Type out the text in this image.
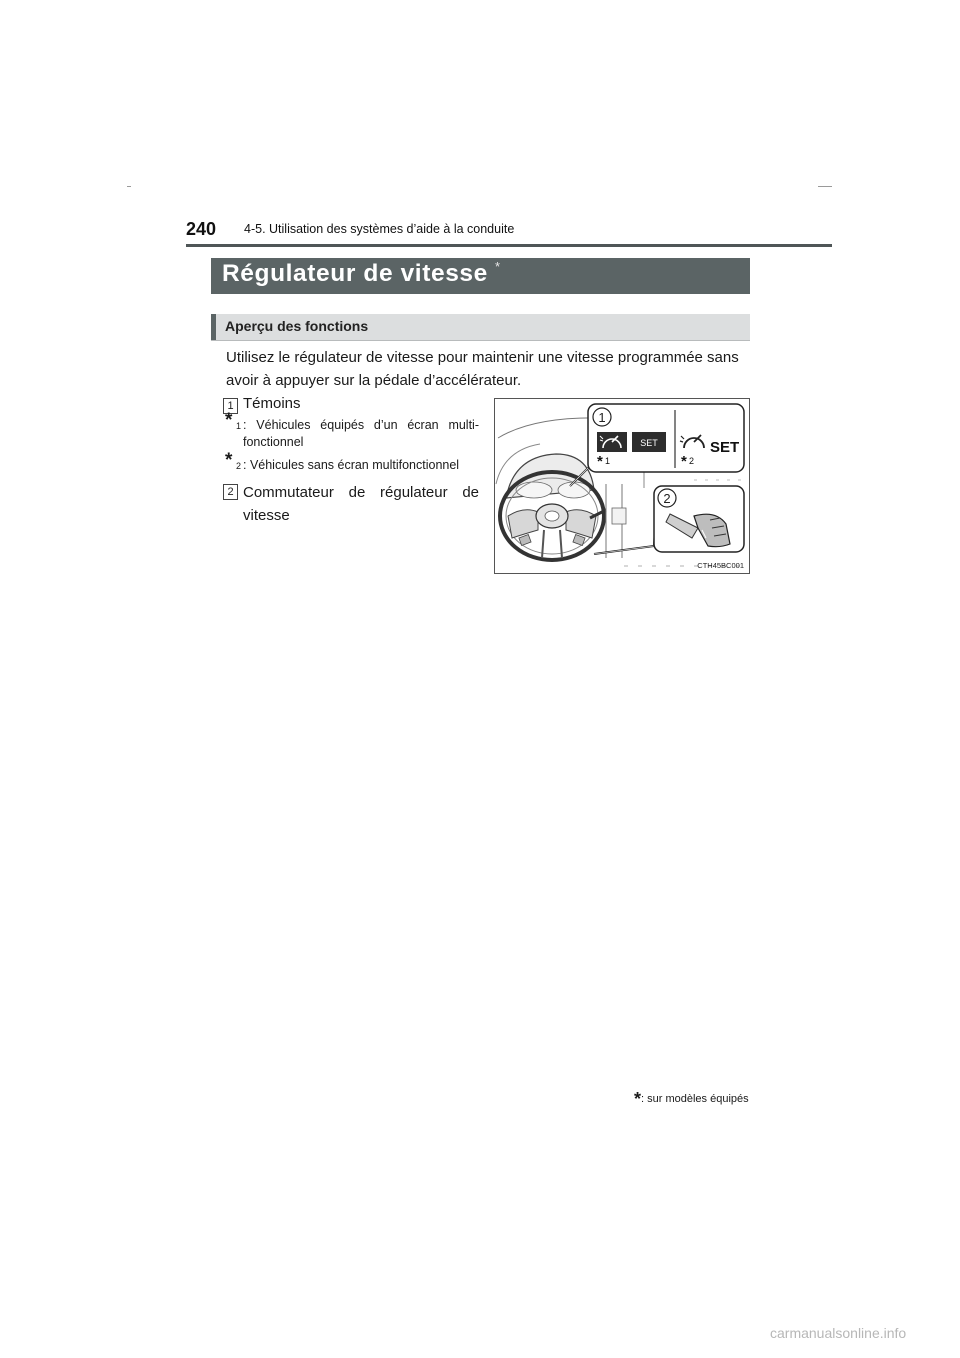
240 4-5. Utilisation des systèmes d’aide à la conduite
Régulateur de vitesse *
Aperçu des fonctions
Utilisez le régulateur de vitesse pour maintenir une vitesse programmée sans avoir à appuyer sur la pédale d’accélérateur.
1 Témoins
* 1 : Véhicules équipés d’un écran multi-fonctionnel
* 2 : Véhicules sans écran multifonctionnel
2 Commutateur de régulateur de vitesse
1
SET
* 1
SET
* 2
2
CTH45BC001
*: sur modèles équipés
carmanualsonline.info
